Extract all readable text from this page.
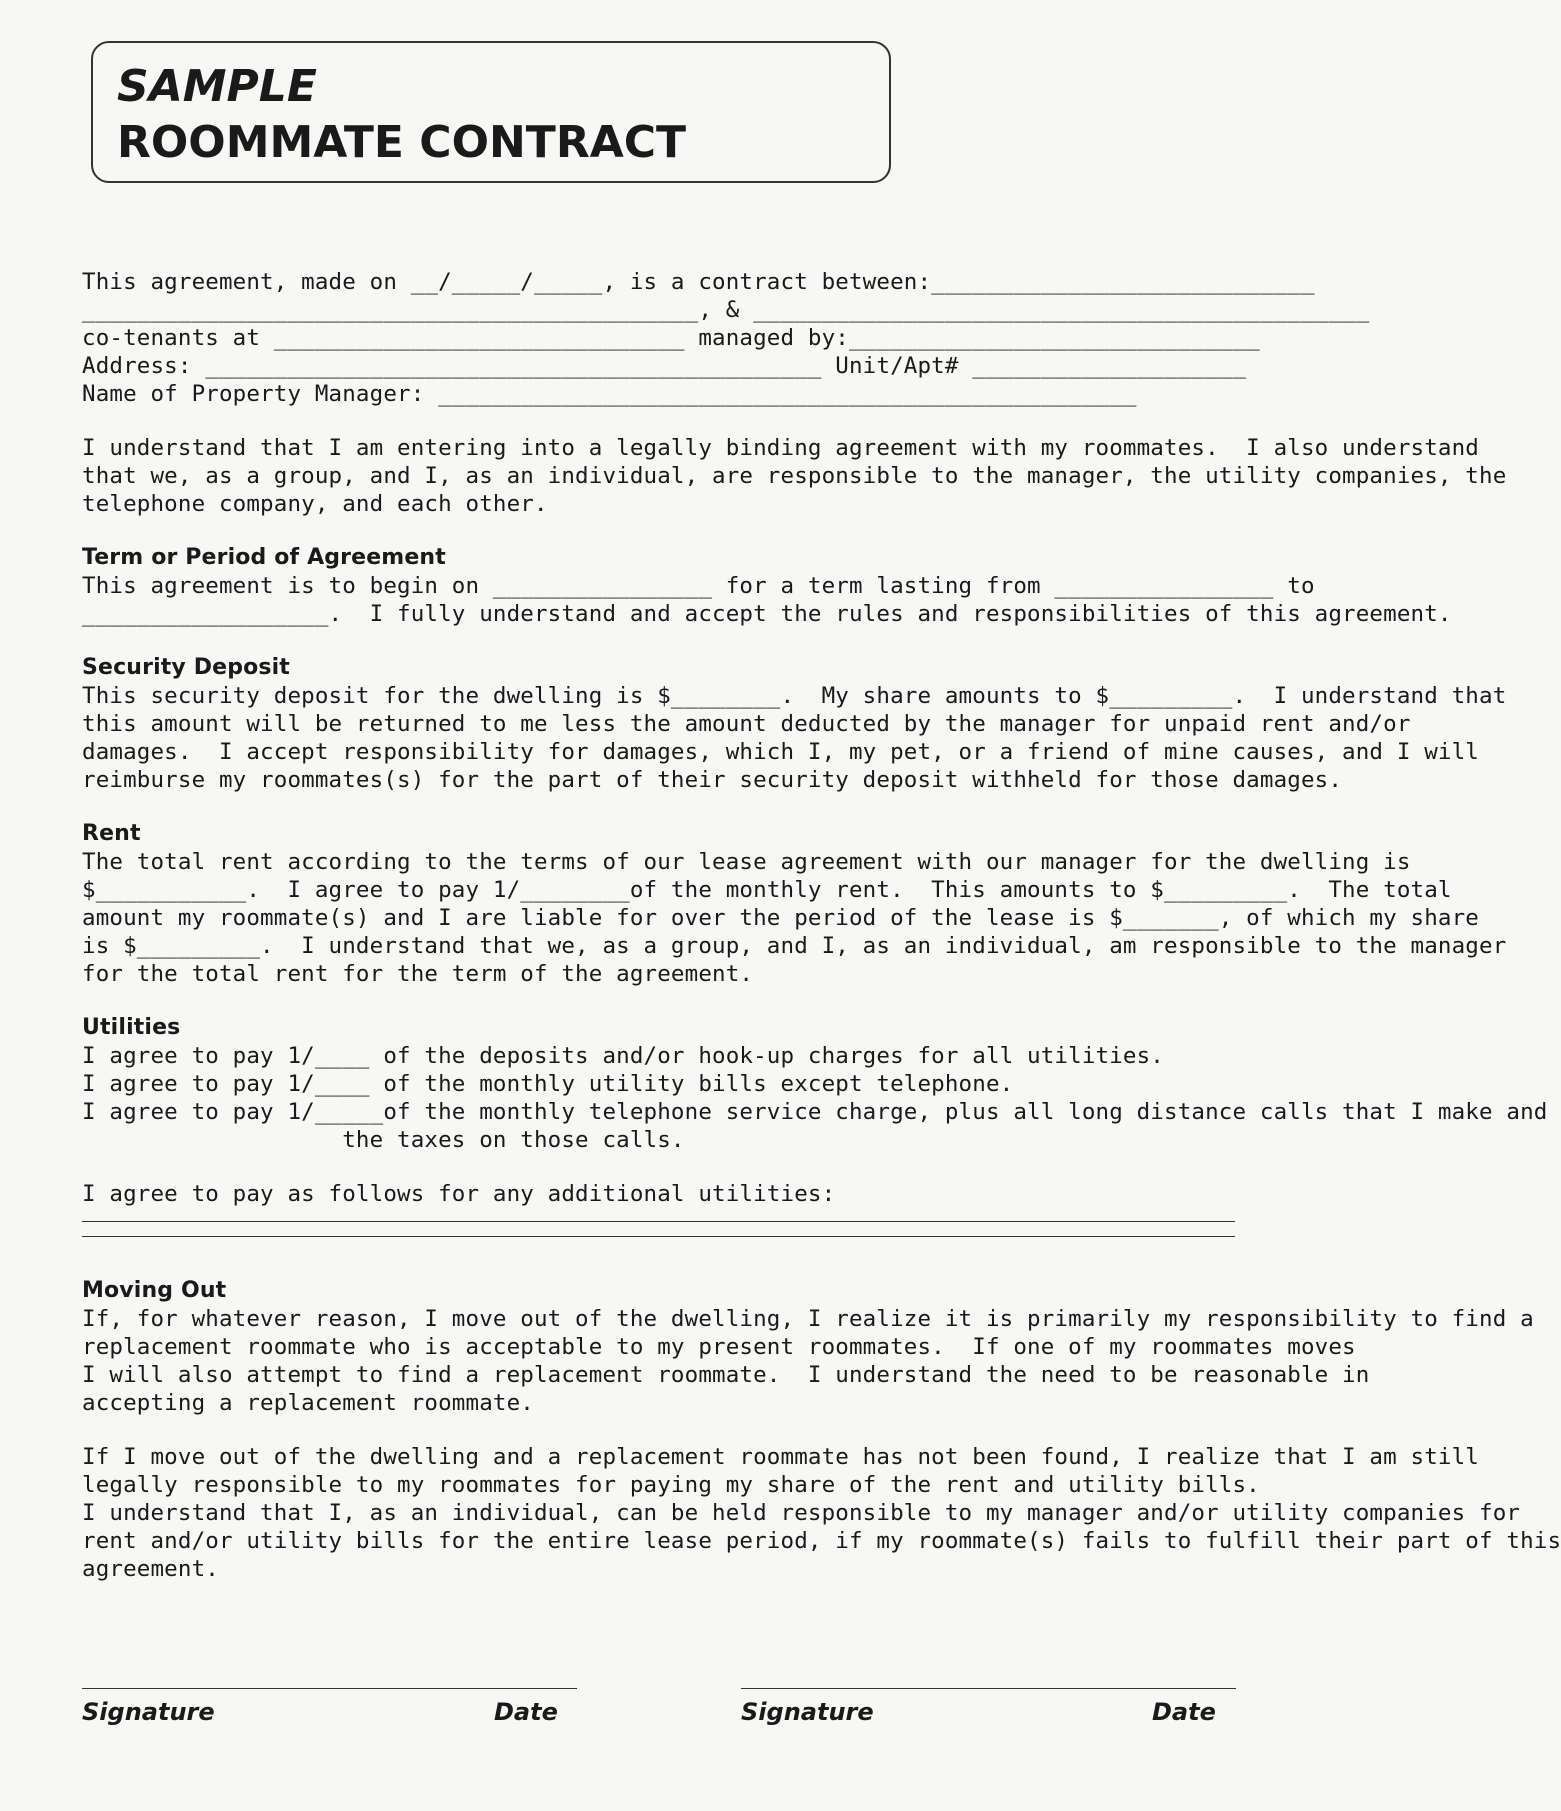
SAMPLE

ROOMMATE CONTRACT

This agreement, made on __/_____/_____, is a contract between:____________________________

_____________________________________________, & _____________________________________________

co-tenants at ______________________________ managed by:______________________________

Address: _____________________________________________ Unit/Apt# ____________________

Name of Property Manager: ___________________________________________________

I understand that I am entering into a legally binding agreement with my roommates.  I also understand

that we, as a group, and I, as an individual, are responsible to the manager, the utility companies, the

telephone company, and each other.

Term or Period of Agreement

This agreement is to begin on ________________ for a term lasting from ________________ to

__________________.  I fully understand and accept the rules and responsibilities of this agreement.

Security Deposit

This security deposit for the dwelling is $________.  My share amounts to $_________.  I understand that

this amount will be returned to me less the amount deducted by the manager for unpaid rent and/or

damages.  I accept responsibility for damages, which I, my pet, or a friend of mine causes, and I will

reimburse my roommates(s) for the part of their security deposit withheld for those damages.

Rent

The total rent according to the terms of our lease agreement with our manager for the dwelling is

$___________.  I agree to pay 1/________of the monthly rent.  This amounts to $_________.  The total

amount my roommate(s) and I are liable for over the period of the lease is $_______, of which my share

is $_________.  I understand that we, as a group, and I, as an individual, am responsible to the manager

for the total rent for the term of the agreement.

Utilities

I agree to pay 1/____ of the deposits and/or hook-up charges for all utilities.

I agree to pay 1/____ of the monthly utility bills except telephone.

I agree to pay 1/_____of the monthly telephone service charge, plus all long distance calls that I make and

the taxes on those calls.

I agree to pay as follows for any additional utilities:

Moving Out

If, for whatever reason, I move out of the dwelling, I realize it is primarily my responsibility to find a

replacement roommate who is acceptable to my present roommates.  If one of my roommates moves

I will also attempt to find a replacement roommate.  I understand the need to be reasonable in

accepting a replacement roommate.

If I move out of the dwelling and a replacement roommate has not been found, I realize that I am still

legally responsible to my roommates for paying my share of the rent and utility bills.

I understand that I, as an individual, can be held responsible to my manager and/or utility companies for

rent and/or utility bills for the entire lease period, if my roommate(s) fails to fulfill their part of this

agreement.

Signature	Date	Signature	Date
